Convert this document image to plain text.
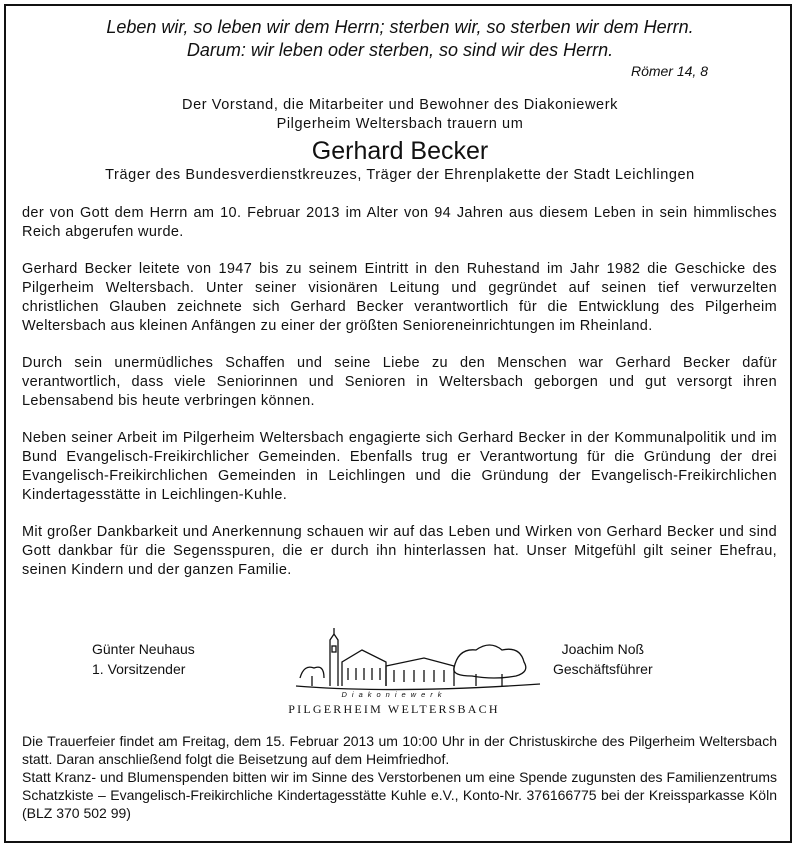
Leben wir, so leben wir dem Herrn; sterben wir, so sterben wir dem Herrn.
Darum: wir leben oder sterben, so sind wir des Herrn.
Römer 14, 8
Der Vorstand, die Mitarbeiter und Bewohner des Diakoniewerk
Pilgerheim Weltersbach trauern um
Gerhard Becker
Träger des Bundesverdienstkreuzes, Träger der Ehrenplakette der Stadt Leichlingen

der von Gott dem Herrn am 10. Februar 2013 im Alter von 94 Jahren aus diesem Leben in sein himmlisches Reich abgerufen wurde.

Gerhard Becker leitete von 1947 bis zu seinem Eintritt in den Ruhestand im Jahr 1982 die Geschicke des Pilgerheim Weltersbach. Unter seiner visionären Leitung und gegründet auf seinen tief verwurzelten christlichen Glauben zeichnete sich Gerhard Becker verantwortlich für die Entwicklung des Pilgerheim Weltersbach aus kleinen Anfängen zu einer der größten Senioreneinrichtungen im Rheinland.

Durch sein unermüdliches Schaffen und seine Liebe zu den Menschen war Gerhard Becker dafür verantwortlich, dass viele Seniorinnen und Senioren in Weltersbach geborgen und gut versorgt ihren Lebensabend bis heute verbringen können.

Neben seiner Arbeit im Pilgerheim Weltersbach engagierte sich Gerhard Becker in der Kommunalpolitik und im Bund Evangelisch-Freikirchlicher Gemeinden. Ebenfalls trug er Verantwortung für die Gründung der drei Evangelisch-Freikirchlichen Gemeinden in Leichlingen und die Gründung der Evangelisch-Freikirchlichen Kindertagesstätte in Leichlingen-Kuhle.

Mit großer Dankbarkeit und Anerkennung schauen wir auf das Leben und Wirken von Gerhard Becker und sind Gott dankbar für die Segensspuren, die er durch ihn hinterlassen hat. Unser Mitgefühl gilt seiner Ehefrau, seinen Kindern und der ganzen Familie.

Günter Neuhaus
1. Vorsitzender
Diakoniewerk
PILGERHEIM WELTERSBACH
Joachim Noß
Geschäftsführer

Die Trauerfeier findet am Freitag, dem 15. Februar 2013 um 10:00 Uhr in der Christuskirche des Pilgerheim Weltersbach statt. Daran anschließend folgt die Beisetzung auf dem Heimfriedhof.

Statt Kranz- und Blumenspenden bitten wir im Sinne des Verstorbenen um eine Spende zugunsten des Familienzentrums Schatzkiste – Evangelisch-Freikirchliche Kindertagesstätte Kuhle e.V., Konto-Nr. 376166775 bei der Kreissparkasse Köln (BLZ 370 502 99)
